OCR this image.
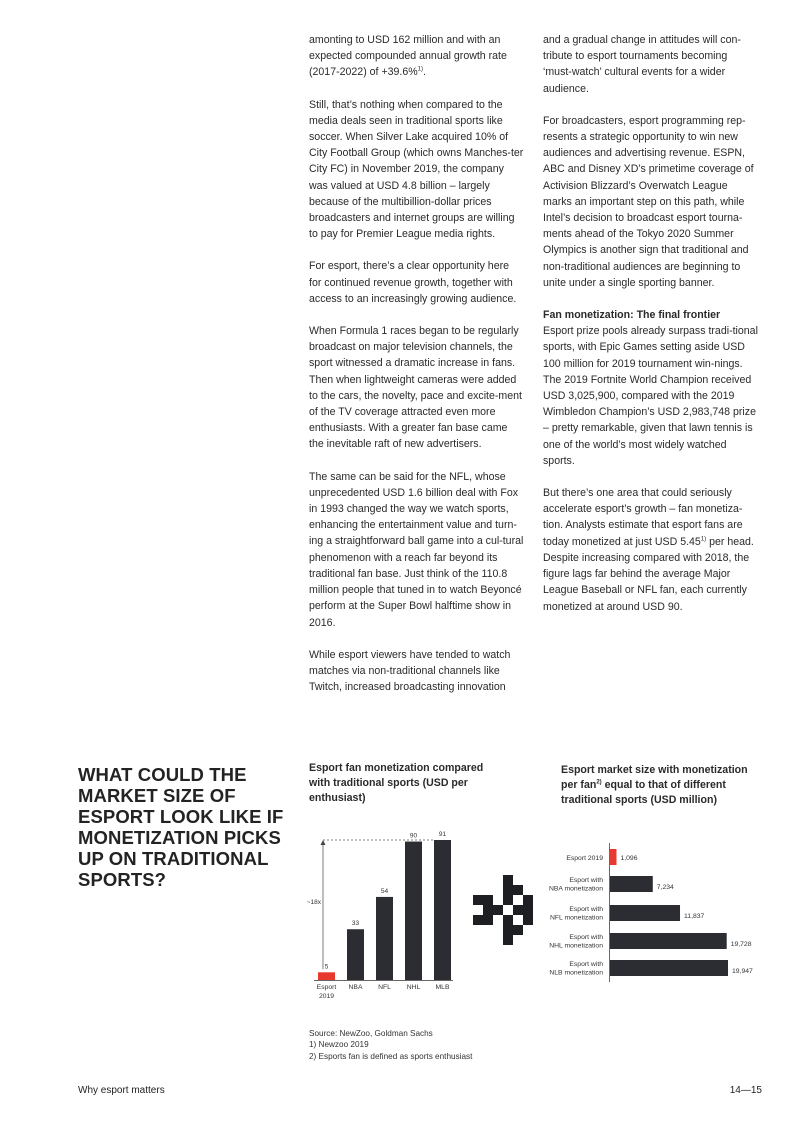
amonting to USD 162 million and with an expected compounded annual growth rate (2017-2022) of +39.6%$^{1)}$.

Still, that’s nothing when compared to the media deals seen in traditional sports like soccer. When Silver Lake acquired 10% of City Football Group (which owns Manches-ter City FC) in November 2019, the company was valued at USD 4.8 billion – largely because of the multibillion-dollar prices broadcasters and internet groups are willing to pay for Premier League media rights.

For esport, there’s a clear opportunity here for continued revenue growth, together with access to an increasingly growing audience.

When Formula 1 races began to be regularly broadcast on major television channels, the sport witnessed a dramatic increase in fans. Then when lightweight cameras were added to the cars, the novelty, pace and excite-ment of the TV coverage attracted even more enthusiasts. With a greater fan base came the inevitable raft of new advertisers.

The same can be said for the NFL, whose unprecedented USD 1.6 billion deal with Fox in 1993 changed the way we watch sports, enhancing the entertainment value and turn-ing a straightforward ball game into a cul-tural phenomenon with a reach far beyond its traditional fan base. Just think of the 110.8 million people that tuned in to watch Beyoncé perform at the Super Bowl halftime show in 2016.

While esport viewers have tended to watch matches via non-traditional channels like Twitch, increased broadcasting innovation

and a gradual change in attitudes will con-tribute to esport tournaments becoming ‘must-watch’ cultural events for a wider audience.

For broadcasters, esport programming rep-resents a strategic opportunity to win new audiences and advertising revenue. ESPN, ABC and Disney XD’s primetime coverage of Activision Blizzard’s Overwatch League marks an important step on this path, while Intel’s decision to broadcast esport tourna-ments ahead of the Tokyo 2020 Summer Olympics is another sign that traditional and non-traditional audiences are beginning to unite under a single sporting banner.

Fan monetization: The final frontier

Esport prize pools already surpass tradi-tional sports, with Epic Games setting aside USD 100 million for 2019 tournament win-nings. The 2019 Fortnite World Champion received USD 3,025,900, compared with the 2019 Wimbledon Champion’s USD 2,983,748 prize – pretty remarkable, given that lawn tennis is one of the world’s most widely watched sports.

But there’s one area that could seriously accelerate esport’s growth – fan monetiza-tion. Analysts estimate that esport fans are today monetized at just USD 5.45$^{1)}$ per head. Despite increasing compared with 2018, the figure lags far behind the average Major League Baseball or NFL fan, each currently monetized at around USD 90.

WHAT COULD THE MARKET SIZE OF ESPORT LOOK LIKE IF MONETIZATION PICKS UP ON TRADITIONAL SPORTS?
Esport fan monetization compared with traditional sports (USD per enthusiast)
Esport market size with monetization per fan$^{2)}$ equal to that of different traditional sports (USD million)
5
Esport
2019
33
NBA
54
NFL
90
NHL
91
MLB
~18x
1,096
Esport 2019
7,234
Esport with
NBA monetization
11,837
Esport with
NFL monetization
19,728
Esport with
NHL monetization
19,947
Esport with
NLB monetization
Source: NewZoo, Goldman Sachs
1) Newzoo 2019
2) Esports fan is defined as sports enthusiast
Why esport matters	14—15
